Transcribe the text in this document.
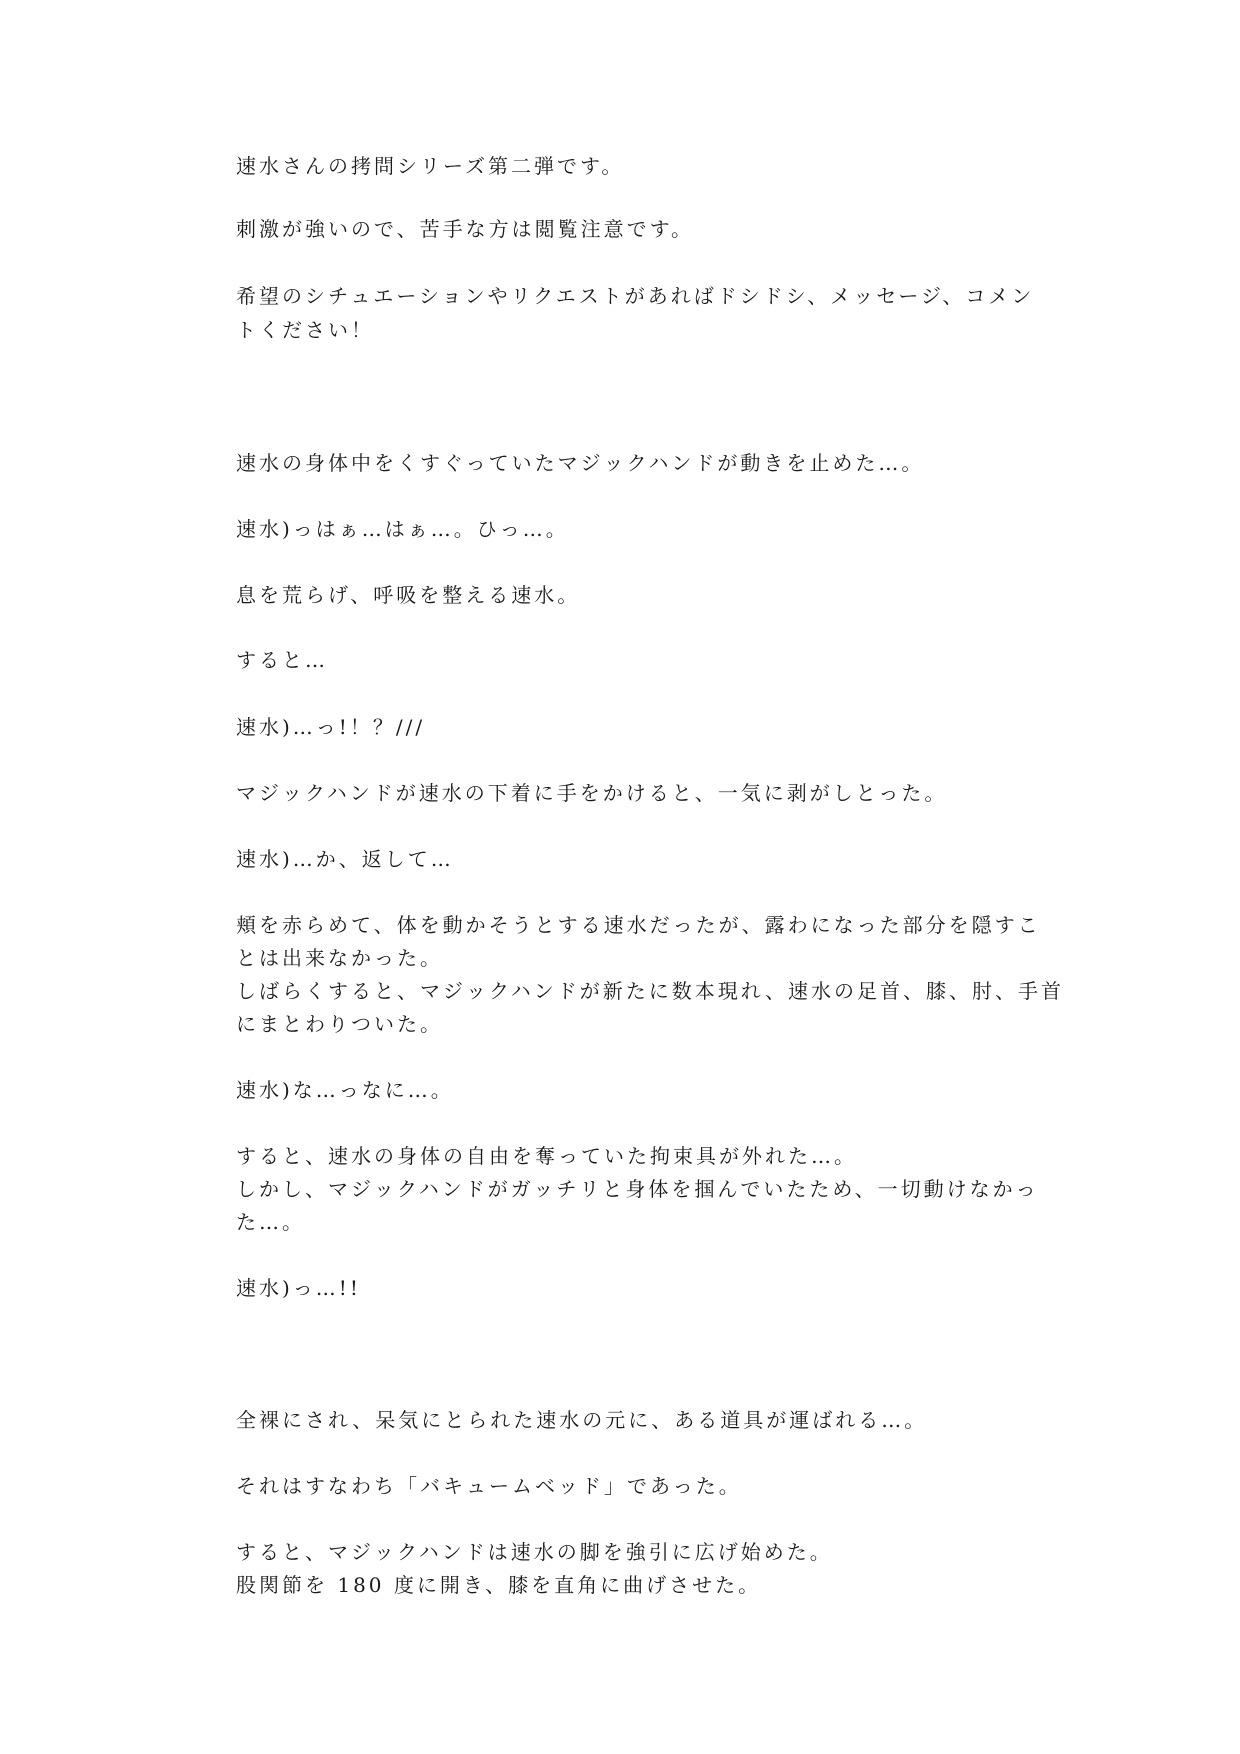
速水さんの拷問シリーズ第二弾です。
刺激が強いので、苦手な方は閲覧注意です。
希望のシチュエーションやリクエストがあればドシドシ、メッセージ、コメン
トください！
速水の身体中をくすぐっていたマジックハンドが動きを止めた…。
速水)っはぁ…はぁ…。ひっ…。
息を荒らげ、呼吸を整える速水。
すると…
速水)…っ!！？///
マジックハンドが速水の下着に手をかけると、一気に剥がしとった。
速水)…か、返して…
頬を赤らめて、体を動かそうとする速水だったが、露わになった部分を隠すこ
とは出来なかった。
しばらくすると、マジックハンドが新たに数本現れ、速水の足首、膝、肘、手首
にまとわりついた。
速水)な…っなに…。
すると、速水の身体の自由を奪っていた拘束具が外れた…。
しかし、マジックハンドがガッチリと身体を掴んでいたため、一切動けなかっ
た…。
速水)っ…!!
全裸にされ、呆気にとられた速水の元に、ある道具が運ばれる…。
それはすなわち「バキュームベッド」であった。
すると、マジックハンドは速水の脚を強引に広げ始めた。
股関節を 180 度に開き、膝を直角に曲げさせた。
